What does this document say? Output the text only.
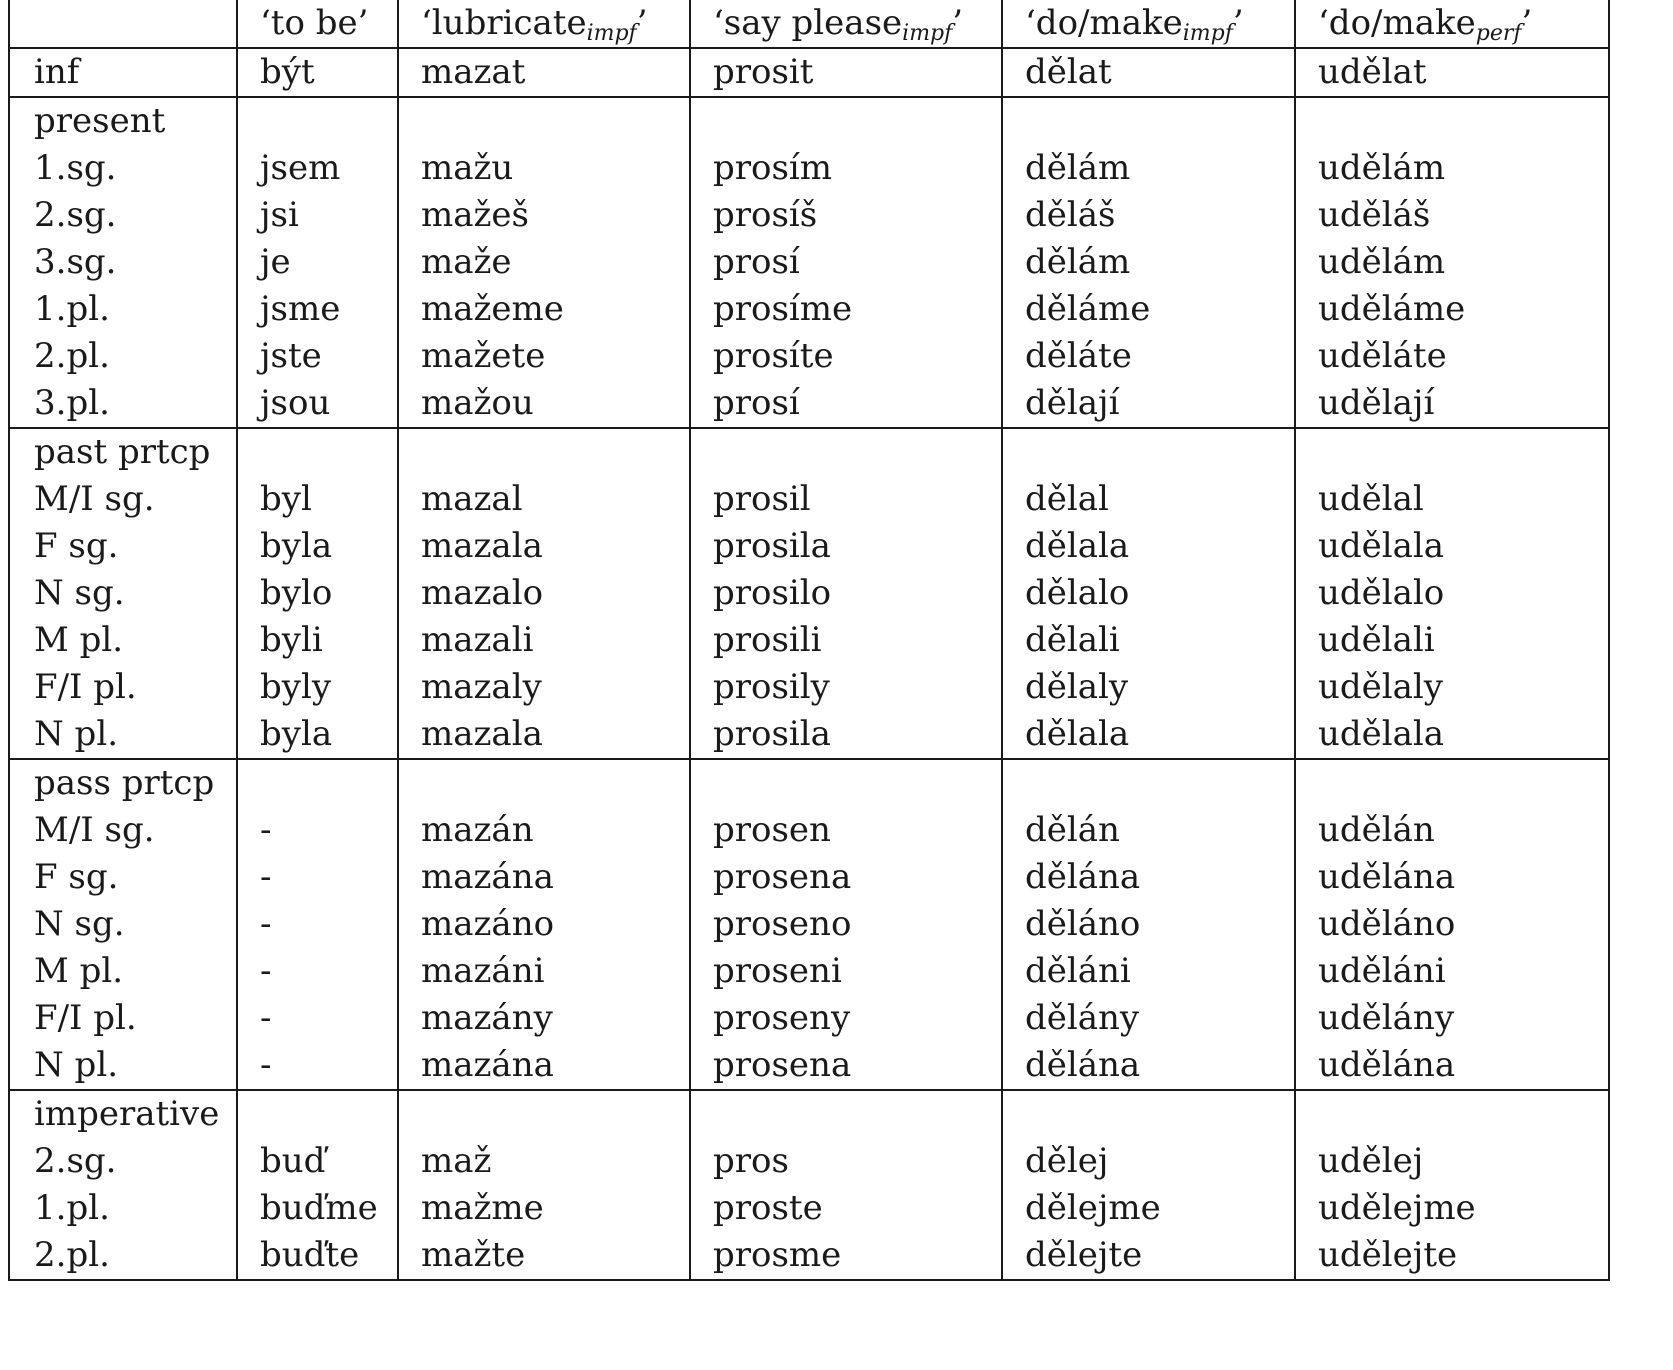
	‘to be’	‘lubricate$_{impf}$’	‘say please$_{impf}$’	‘do/make$_{impf}$’	‘do/make$_{perf}$’
inf	být	mazat	prosit	dělat	udělat
present					
1.sg.	jsem	mažu	prosím	dělám	udělám
2.sg.	jsi	mažeš	prosíš	děláš	uděláš
3.sg.	je	maže	prosí	dělám	udělám
1.pl.	jsme	mažeme	prosíme	děláme	uděláme
2.pl.	jste	mažete	prosíte	děláte	uděláte
3.pl.	jsou	mažou	prosí	dělají	udělají
past prtcp					
M/I sg.	byl	mazal	prosil	dělal	udělal
F sg.	byla	mazala	prosila	dělala	udělala
N sg.	bylo	mazalo	prosilo	dělalo	udělalo
M pl.	byli	mazali	prosili	dělali	udělali
F/I pl.	byly	mazaly	prosily	dělaly	udělaly
N pl.	byla	mazala	prosila	dělala	udělala
pass prtcp					
M/I sg.	-	mazán	prosen	dělán	udělán
F sg.	-	mazána	prosena	dělána	udělána
N sg.	-	mazáno	proseno	děláno	uděláno
M pl.	-	mazáni	proseni	děláni	uděláni
F/I pl.	-	mazány	proseny	dělány	udělány
N pl.	-	mazána	prosena	dělána	udělána
imperative					
2.sg.	buď	maž	pros	dělej	udělej
1.pl.	buďme	mažme	proste	dělejme	udělejme
2.pl.	buďte	mažte	prosme	dělejte	udělejte
